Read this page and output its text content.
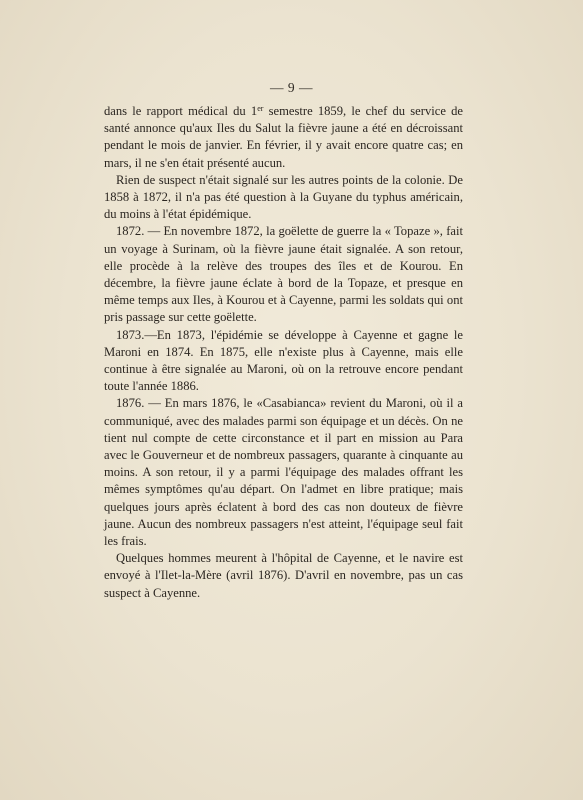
— 9 —

dans le rapport médical du 1er semestre 1859, le chef du service de santé annonce qu'aux Iles du Salut la fièvre jaune a été en décroissant pendant le mois de janvier. En février, il y avait encore quatre cas; en mars, il ne s'en était présenté aucun.

Rien de suspect n'était signalé sur les autres points de la colonie. De 1858 à 1872, il n'a pas été question à la Guyane du typhus américain, du moins à l'état épidémique.

1872. — En novembre 1872, la goëlette de guerre la « Topaze », fait un voyage à Surinam, où la fièvre jaune était signalée. A son retour, elle procède à la relève des troupes des îles et de Kourou. En décembre, la fièvre jaune éclate à bord de la Topaze, et presque en même temps aux Iles, à Kourou et à Cayenne, parmi les soldats qui ont pris passage sur cette goëlette.

1873.—En 1873, l'épidémie se développe à Cayenne et gagne le Maroni en 1874. En 1875, elle n'existe plus à Cayenne, mais elle continue à être signalée au Maroni, où on la retrouve encore pendant toute l'année 1886.

1876. — En mars 1876, le «Casabianca» revient du Maroni, où il a communiqué, avec des malades parmi son équipage et un décès. On ne tient nul compte de cette circonstance et il part en mission au Para avec le Gouverneur et de nombreux passagers, quarante à cinquante au moins. A son retour, il y a parmi l'équipage des malades offrant les mêmes symptômes qu'au départ. On l'admet en libre pratique; mais quelques jours après éclatent à bord des cas non douteux de fièvre jaune. Aucun des nombreux passagers n'est atteint, l'équipage seul fait les frais.

Quelques hommes meurent à l'hôpital de Cayenne, et le navire est envoyé à l'Ilet-la-Mère (avril 1876). D'avril en novembre, pas un cas suspect à Cayenne.
